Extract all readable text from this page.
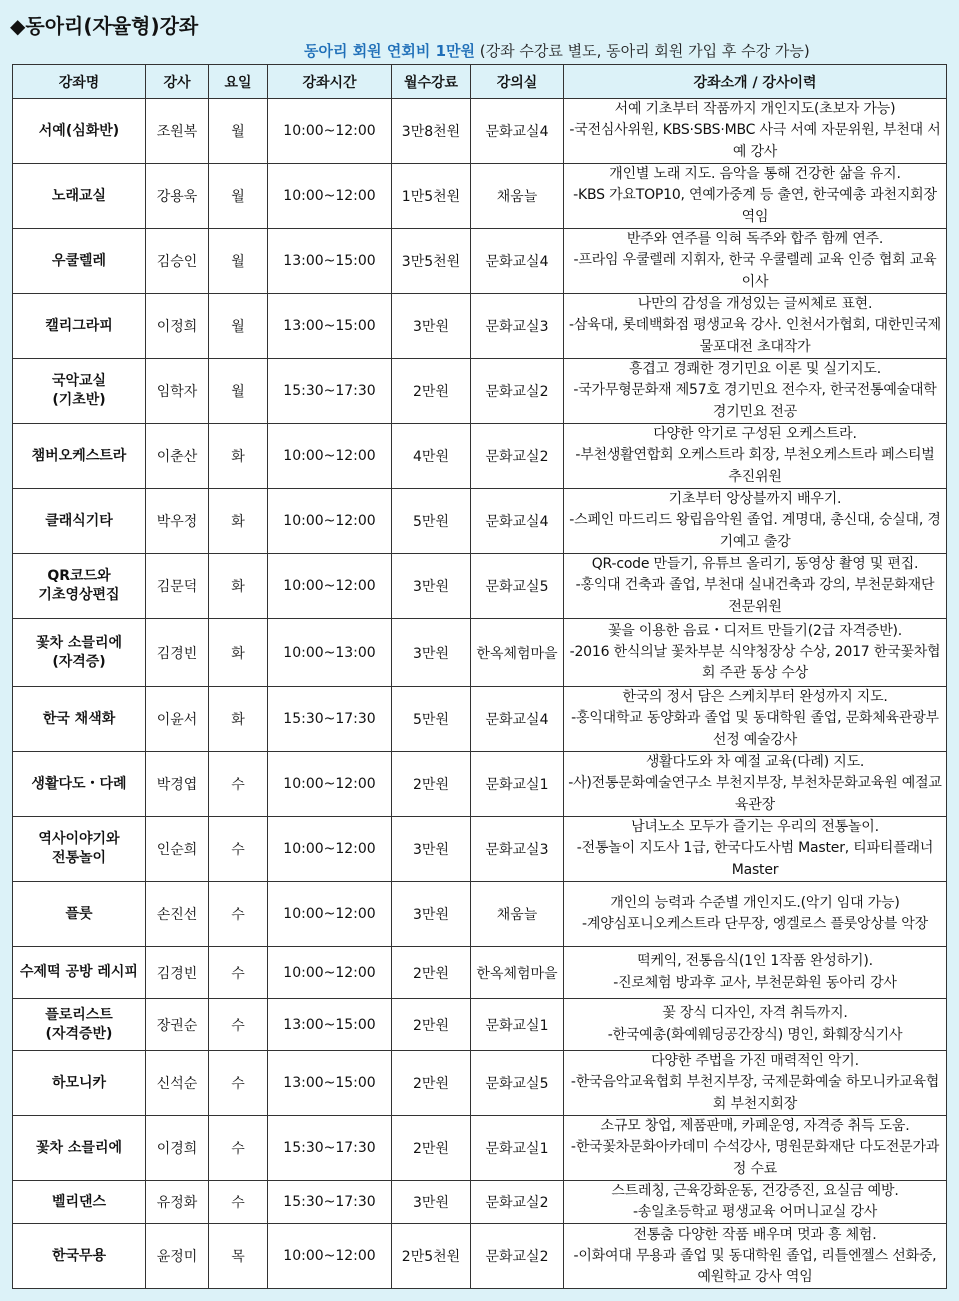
◆동아리(자율형)강좌
동아리 회원 연회비 1만원 (강좌 수강료 별도, 동아리 회원 가입 후 수강 가능)
강좌명	강사	요일	강좌시간	월수강료	강의실	강좌소개 / 강사이력
서예(심화반)	조원복	월	10:00~12:00	3만8천원	문화교실4	서예 기초부터 작품까지 개인지도(초보자 가능)
-국전심사위원, KBS·SBS·MBC 사극 서예 자문위원, 부천대 서예 강사

노래교실	강용욱	월	10:00~12:00	1만5천원	채움늘	개인별 노래 지도. 음악을 통해 건강한 삶을 유지.
-KBS 가요TOP10, 연예가중계 등 출연, 한국예총 과천지회장 역임

우쿨렐레	김승인	월	13:00~15:00	3만5천원	문화교실4	반주와 연주를 익혀 독주와 합주 함께 연주.
-프라임 우쿨렐레 지휘자, 한국 우쿨렐레 교육 인증 협회 교육 이사

캘리그라피	이정희	월	13:00~15:00	3만원	문화교실3	나만의 감성을 개성있는 글씨체로 표현.
-삼육대, 롯데백화점 평생교육 강사. 인천서가협회, 대한민국제물포대전 초대작가

국악교실
(기초반)	임학자	월	15:30~17:30	2만원	문화교실2	흥겹고 경쾌한 경기민요 이론 및 실기지도.
-국가무형문화재 제57호 경기민요 전수자, 한국전통예술대학 경기민요 전공

챔버오케스트라	이춘산	화	10:00~12:00	4만원	문화교실2	다양한 악기로 구성된 오케스트라.
-부천생활연합회 오케스트라 회장, 부천오케스트라 페스티벌 추진위원

클래식기타	박우정	화	10:00~12:00	5만원	문화교실4	기초부터 앙상블까지 배우기.
-스페인 마드리드 왕립음악원 졸업. 계명대, 총신대, 숭실대, 경기예고 출강

QR코드와
기초영상편집	김문덕	화	10:00~12:00	3만원	문화교실5	QR-code 만들기, 유튜브 올리기, 동영상 촬영 및 편집.
-홍익대 건축과 졸업, 부천대 실내건축과 강의, 부천문화재단 전문위원

꽃차 소믈리에
(자격증)	김경빈	화	10:00~13:00	3만원	한옥체험마을	꽃을 이용한 음료・디저트 만들기(2급 자격증반).
-2016 한식의날 꽃차부분 식약청장상 수상, 2017 한국꽃차협회 주관 동상 수상

한국 채색화	이윤서	화	15:30~17:30	5만원	문화교실4	한국의 정서 담은 스케치부터 완성까지 지도.
-홍익대학교 동양화과 졸업 및 동대학원 졸업, 문화체육관광부 선정 예술강사

생활다도・다례	박경엽	수	10:00~12:00	2만원	문화교실1	생활다도와 차 예절 교육(다례) 지도.
-사)전통문화예술연구소 부천지부장, 부천차문화교육원 예절교육관장

역사이야기와
전통놀이	인순희	수	10:00~12:00	3만원	문화교실3	남녀노소 모두가 즐기는 우리의 전통놀이.
-전통놀이 지도사 1급, 한국다도사범 Master, 티파티플래너 Master

플룻	손진선	수	10:00~12:00	3만원	채움늘	개인의 능력과 수준별 개인지도.(악기 임대 가능)
-계양심포니오케스트라 단무장, 엥겔로스 플룻앙상블 악장

수제떡 공방 레시피	김경빈	수	10:00~12:00	2만원	한옥체험마을	떡케익, 전통음식(1인 1작품 완성하기).
-진로체험 방과후 교사, 부천문화원 동아리 강사

플로리스트
(자격증반)	장권순	수	13:00~15:00	2만원	문화교실1	꽃 장식 디자인, 자격 취득까지.
-한국예총(화예웨딩공간장식) 명인, 화훼장식기사

하모니카	신석순	수	13:00~15:00	2만원	문화교실5	다양한 주법을 가진 매력적인 악기.
-한국음악교육협회 부천지부장, 국제문화예술 하모니카교육협회 부천지회장

꽃차 소믈리에	이경희	수	15:30~17:30	2만원	문화교실1	소규모 창업, 제품판매, 카페운영, 자격증 취득 도움.
-한국꽃차문화아카데미 수석강사, 명원문화재단 다도전문가과정 수료

벨리댄스	유정화	수	15:30~17:30	3만원	문화교실2	스트레칭, 근육강화운동, 건강증진, 요실금 예방.
-송일초등학교 평생교육 어머니교실 강사

한국무용	윤정미	목	10:00~12:00	2만5천원	문화교실2	전통춤 다양한 작품 배우며 멋과 흥 체험.
-이화여대 무용과 졸업 및 동대학원 졸업, 리틀엔젤스 선화중, 예원학교 강사 역임
